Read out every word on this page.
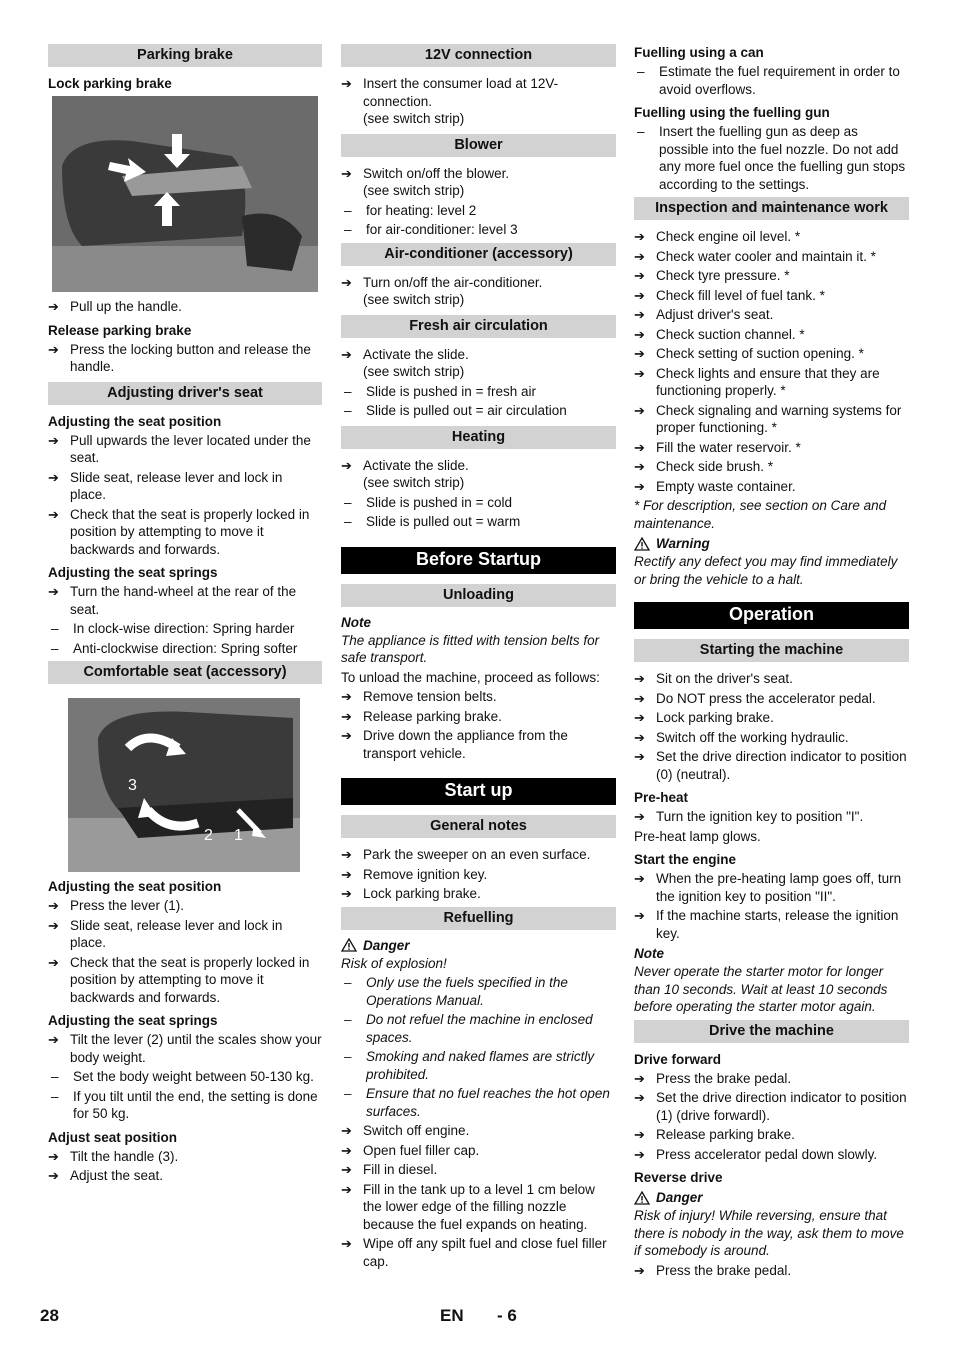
Parking brake
Lock parking brake
➔ Pull up the handle.
Release parking brake
➔ Press the locking button and release the handle.
Adjusting driver's seat
Adjusting the seat position
➔ Pull upwards the lever located under the seat.
➔ Slide seat, release lever and lock in place.
➔ Check that the seat is properly locked in position by attempting to move it backwards and forwards.
Adjusting the seat springs
➔ Turn the hand-wheel at the rear of the seat.
–	In clock-wise direction: Spring harder
–	Anti-clockwise direction: Spring softer
Comfortable seat (accessory)
3
2 1
Adjusting the seat position
➔ Press the lever (1).
➔ Slide seat, release lever and lock in place.
➔ Check that the seat is properly locked in position by attempting to move it backwards and forwards.
Adjusting the seat springs
➔ Tilt the lever (2) until the scales show your body weight.
–	Set the body weight between 50-130 kg.
–	If you tilt until the end, the setting is done for 50 kg.
Adjust seat position
➔ Tilt the handle (3).
➔ Adjust the seat.
12V connection
➔ Insert the consumer load at 12V-connection.
(see switch strip)
Blower
➔ Switch on/off the blower.
(see switch strip)
–	for heating: level 2
–	for air-conditioner: level 3
Air-conditioner (accessory)
➔ Turn on/off the air-conditioner.
(see switch strip)
Fresh air circulation
➔ Activate the slide.
(see switch strip)
–	Slide is pushed in = fresh air
–	Slide is pulled out = air circulation
Heating
➔ Activate the slide.
(see switch strip)
–	Slide is pushed in = cold
–	Slide is pulled out = warm
Before Startup
Unloading
Note
The appliance is fitted with tension belts for safe transport.
To unload the machine, proceed as follows:
➔ Remove tension belts.
➔ Release parking brake.
➔ Drive down the appliance from the transport vehicle.
Start up
General notes
➔ Park the sweeper on an even surface.
➔ Remove ignition key.
➔ Lock parking brake.
Refuelling
Danger
Risk of explosion!
–	Only use the fuels specified in the Operations Manual.
–	Do not refuel the machine in enclosed spaces.
–	Smoking and naked flames are strictly prohibited.
–	Ensure that no fuel reaches the hot open surfaces.
➔ Switch off engine.
➔ Open fuel filler cap.
➔ Fill in diesel.
➔ Fill in the tank up to a level 1 cm below the lower edge of the filling nozzle because the fuel expands on heating.
➔ Wipe off any spilt fuel and close fuel filler cap.
Fuelling using a can
–	Estimate the fuel requirement in order to avoid overflows.
Fuelling using the fuelling gun
–	Insert the fuelling gun as deep as possible into the fuel nozzle. Do not add any more fuel once the fuelling gun stops according to the settings.
Inspection and maintenance work
➔ Check engine oil level. *
➔ Check water cooler and maintain it. *
➔ Check tyre pressure. *
➔ Check fill level of fuel tank. *
➔ Adjust driver's seat.
➔ Check suction channel. *
➔ Check setting of suction opening. *
➔ Check lights and ensure that they are functioning properly. *
➔ Check signaling and warning systems for proper functioning. *
➔ Fill the water reservoir. *
➔ Check side brush. *
➔ Empty waste container.
* For description, see section on Care and maintenance.
Warning
Rectify any defect you may find immediately or bring the vehicle to a halt.
Operation
Starting the machine
➔ Sit on the driver's seat.
➔ Do NOT press the accelerator pedal.
➔ Lock parking brake.
➔ Switch off the working hydraulic.
➔ Set the drive direction indicator to position (0) (neutral).
Pre-heat
➔ Turn the ignition key to position "I".
Pre-heat lamp glows.
Start the engine
➔ When the pre-heating lamp goes off, turn the ignition key to position "II".
➔ If the machine starts, release the ignition key.
Note
Never operate the starter motor for longer than 10 seconds. Wait at least 10 seconds before operating the starter motor again.
Drive the machine
Drive forward
➔ Press the brake pedal.
➔ Set the drive direction indicator to position (1) (drive forwardl).
➔ Release parking brake.
➔ Press accelerator pedal down slowly.
Reverse drive
Danger
Risk of injury! While reversing, ensure that there is nobody in the way, ask them to move if somebody is around.
➔ Press the brake pedal.
28	EN - 6
